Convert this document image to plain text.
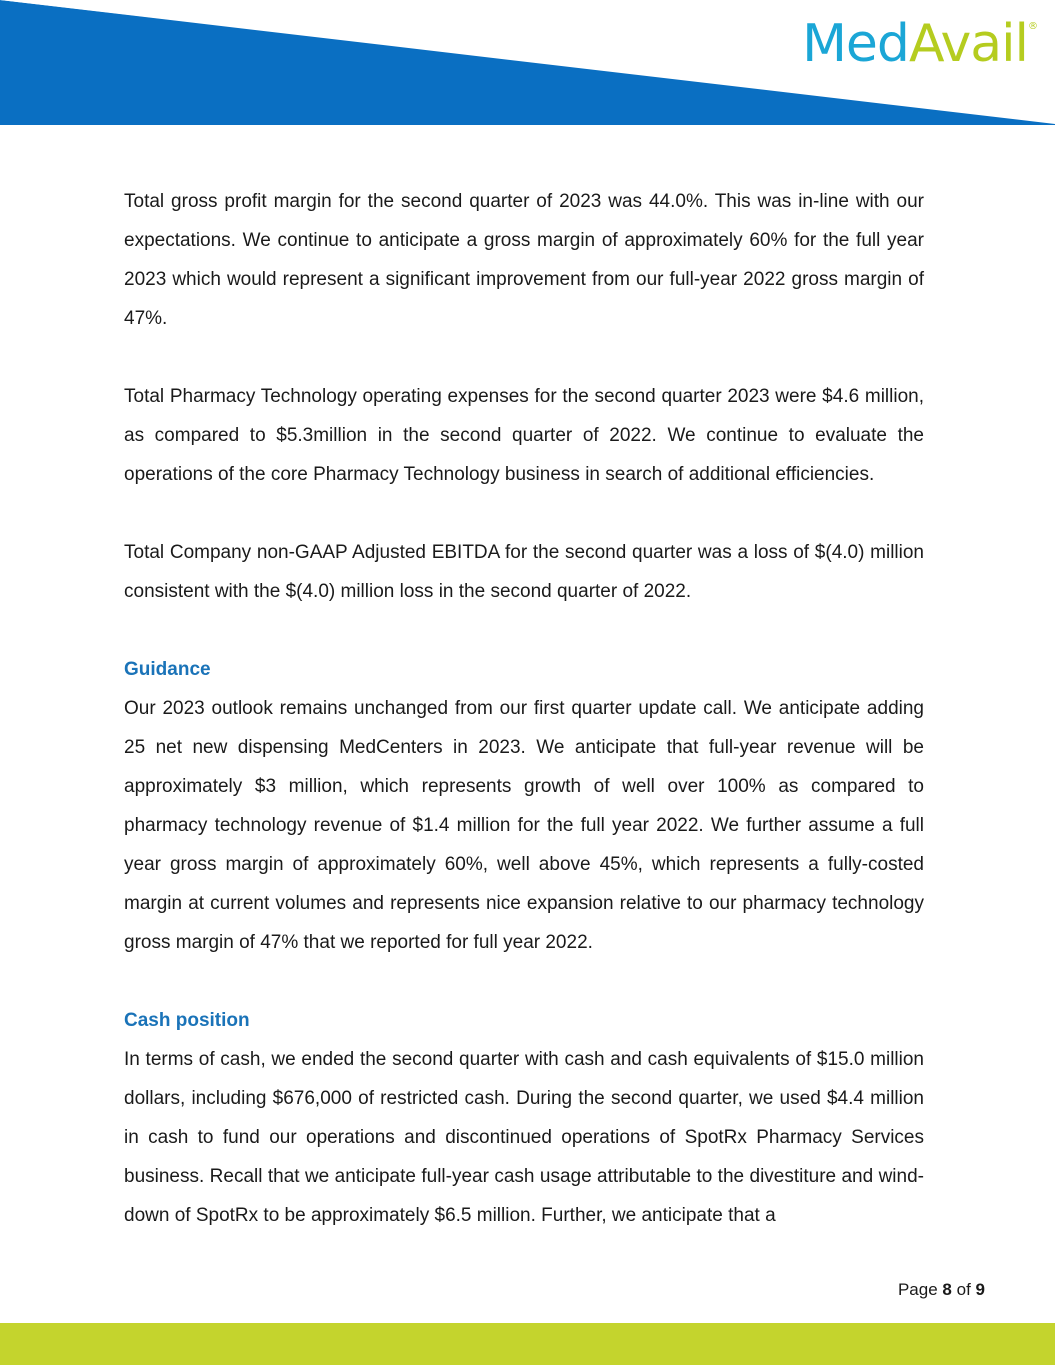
MedAvail®

Total gross profit margin for the second quarter of 2023 was 44.0%. This was in-line with our expectations. We continue to anticipate a gross margin of approximately 60% for the full year 2023 which would represent a significant improvement from our full-year 2022 gross margin of 47%.

Total Pharmacy Technology operating expenses for the second quarter 2023 were $4.6 million, as compared to $5.3million in the second quarter of 2022. We continue to evaluate the operations of the core Pharmacy Technology business in search of additional efficiencies.

Total Company non-GAAP Adjusted EBITDA for the second quarter was a loss of $(4.0) million consistent with the $(4.0) million loss in the second quarter of 2022.

Guidance

Our 2023 outlook remains unchanged from our first quarter update call. We anticipate adding 25 net new dispensing MedCenters in 2023. We anticipate that full-year revenue will be approximately $3 million, which represents growth of well over 100% as compared to pharmacy technology revenue of $1.4 million for the full year 2022. We further assume a full year gross margin of approximately 60%, well above 45%, which represents a fully-costed margin at current volumes and represents nice expansion relative to our pharmacy technology gross margin of 47% that we reported for full year 2022.

Cash position

In terms of cash, we ended the second quarter with cash and cash equivalents of $15.0 million dollars, including $676,000 of restricted cash. During the second quarter, we used $4.4 million in cash to fund our operations and discontinued operations of SpotRx Pharmacy Services business. Recall that we anticipate full-year cash usage attributable to the divestiture and wind-down of SpotRx to be approximately $6.5 million. Further, we anticipate that a

Page 8 of 9
